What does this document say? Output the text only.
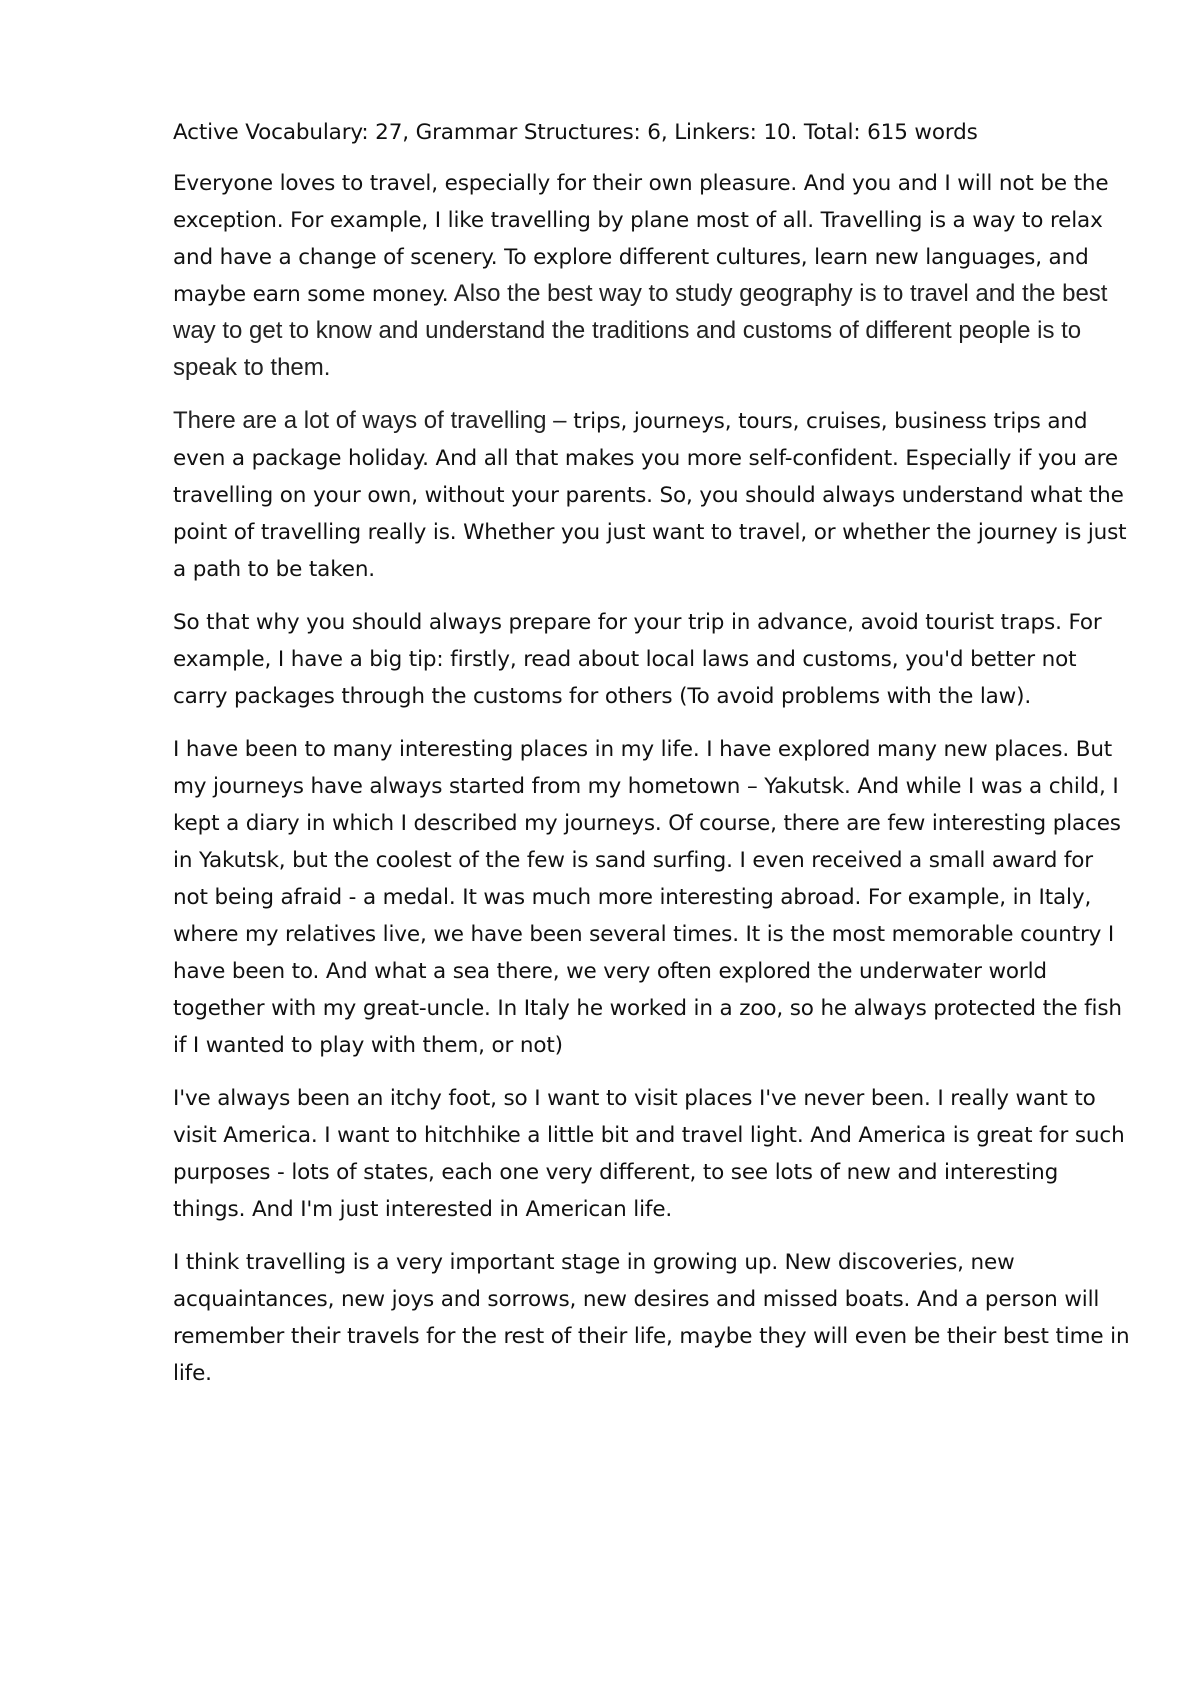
Active Vocabulary: 27, Grammar Structures: 6, Linkers: 10. Total: 615 words

Everyone loves to travel, especially for their own pleasure. And you and I will not be the exception. For example, I like travelling by plane most of all. Travelling is a way to relax and have a change of scenery. To explore different cultures, learn new languages, and maybe earn some money. Also the best way to study geography is to travel and the best way to get to know and understand the traditions and customs of different people is to speak to them.

There are a lot of ways of travelling – trips, journeys, tours, cruises, business trips and even a package holiday. And all that makes you more self-confident. Especially if you are travelling on your own, without your parents. So, you should always understand what the point of travelling really is. Whether you just want to travel, or whether the journey is just a path to be taken.

So that why you should always prepare for your trip in advance, avoid tourist traps. For example, I have a big tip: firstly, read about local laws and customs, you'd better not carry packages through the customs for others (To avoid problems with the law).

I have been to many interesting places in my life. I have explored many new places. But my journeys have always started from my hometown – Yakutsk. And while I was a child, I kept a diary in which I described my journeys. Of course, there are few interesting places in Yakutsk, but the coolest of the few is sand surfing. I even received a small award for not being afraid - a medal. It was much more interesting abroad. For example, in Italy, where my relatives live, we have been several times. It is the most memorable country I have been to. And what a sea there, we very often explored the underwater world together with my great-uncle. In Italy he worked in a zoo, so he always protected the fish if I wanted to play with them, or not)

I've always been an itchy foot, so I want to visit places I've never been. I really want to visit America. I want to hitchhike a little bit and travel light. And America is great for such purposes - lots of states, each one very different, to see lots of new and interesting things. And I'm just interested in American life.

I think travelling is a very important stage in growing up. New discoveries, new acquaintances, new joys and sorrows, new desires and missed boats. And a person will remember their travels for the rest of their life, maybe they will even be their best time in life.
